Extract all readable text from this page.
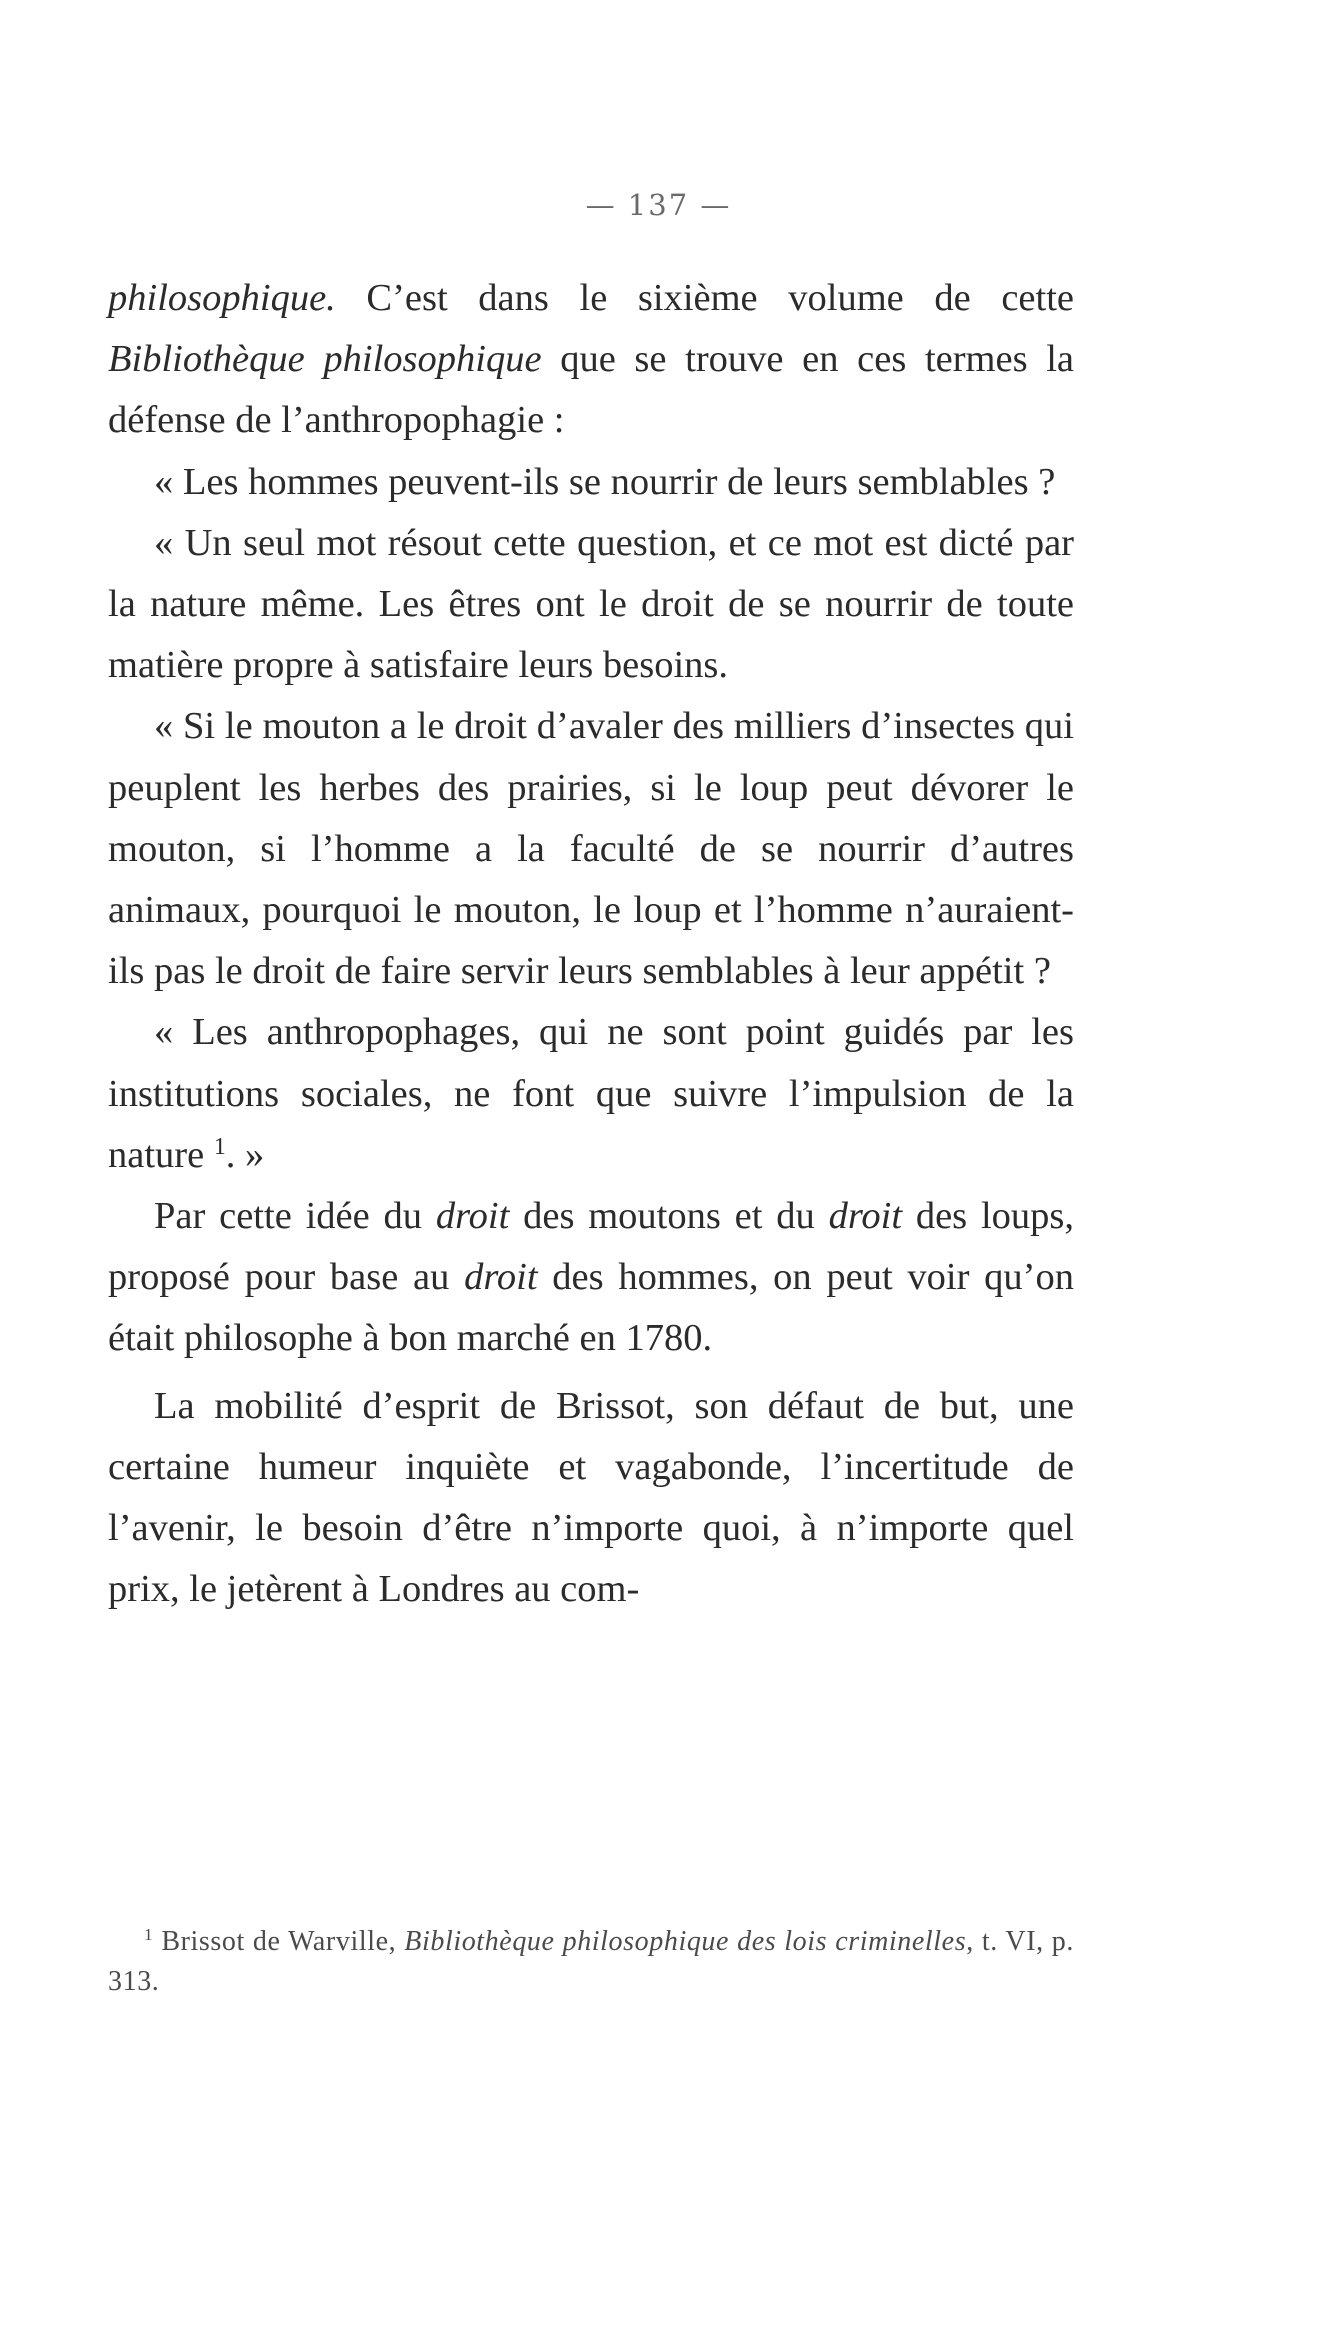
— 137 —

philosophique. C’est dans le sixième volume de cette Bibliothèque philosophique que se trouve en ces termes la défense de l’anthropophagie :

« Les hommes peuvent-ils se nourrir de leurs semblables ?

« Un seul mot résout cette question, et ce mot est dicté par la nature même. Les êtres ont le droit de se nourrir de toute matière propre à satisfaire leurs besoins.

« Si le mouton a le droit d’avaler des milliers d’insectes qui peuplent les herbes des prairies, si le loup peut dévorer le mouton, si l’homme a la faculté de se nourrir d’autres animaux, pourquoi le mouton, le loup et l’homme n’auraient-ils pas le droit de faire servir leurs semblables à leur appétit ?

« Les anthropophages, qui ne sont point guidés par les institutions sociales, ne font que suivre l’impulsion de la nature $^1$. »

Par cette idée du droit des moutons et du droit des loups, proposé pour base au droit des hommes, on peut voir qu’on était philosophe à bon marché en 1780.

La mobilité d’esprit de Brissot, son défaut de but, une certaine humeur inquiète et vagabonde, l’incertitude de l’avenir, le besoin d’être n’importe quoi, à n’importe quel prix, le jetèrent à Londres au com-

$^1$ Brissot de Warville, Bibliothèque philosophique des lois criminelles, t. VI, p. 313.
